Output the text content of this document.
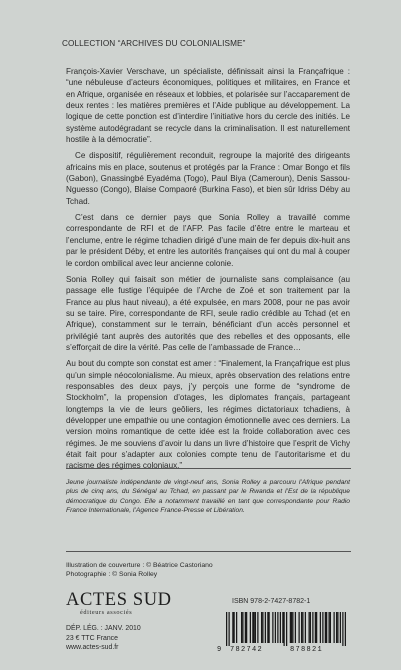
COLLECTION “ARCHIVES DU COLONIALISME”

François-Xavier Verschave, un spécialiste, définissait ainsi la Françafrique : “une nébuleuse d’acteurs économiques, politiques et militaires, en France et en Afrique, organisée en réseaux et lobbies, et polarisée sur l’accaparement de deux rentes : les matières premières et l’Aide publique au développement. La logique de cette ponction est d’interdire l’initiative hors du cercle des initiés. Le système autodégradant se recycle dans la criminalisation. Il est naturellement hostile à la démocratie”.

Ce dispositif, régulièrement reconduit, regroupe la majorité des dirigeants africains mis en place, soutenus et protégés par la France : Omar Bongo et fils (Gabon), Gnassingbé Eyadéma (Togo), Paul Biya (Cameroun), Denis Sassou-Nguesso (Congo), Blaise Compaoré (Burkina Faso), et bien sûr Idriss Déby au Tchad.

C’est dans ce dernier pays que Sonia Rolley a travaillé comme correspondante de RFI et de l’AFP. Pas facile d’être entre le marteau et l’enclume, entre le régime tchadien dirigé d’une main de fer depuis dix-huit ans par le président Déby, et entre les autorités françaises qui ont du mal à couper le cordon ombilical avec leur ancienne colonie.

Sonia Rolley qui faisait son métier de journaliste sans complaisance (au passage elle fustige l’équipée de l’Arche de Zoé et son traitement par la France au plus haut niveau), a été expulsée, en mars 2008, pour ne pas avoir su se taire. Pire, correspondante de RFI, seule radio crédible au Tchad (et en Afrique), constamment sur le terrain, bénéficiant d’un accès personnel et privilégié tant auprès des autorités que des rebelles et des opposants, elle s’efforçait de dire la vérité. Pas celle de l’ambassade de France…

Au bout du compte son constat est amer : “Finalement, la Françafrique est plus qu’un simple néocolonialisme. Au mieux, après observation des relations entre responsables des deux pays, j’y perçois une forme de “syndrome de Stockholm”, la propension d’otages, les diplomates français, partageant longtemps la vie de leurs geôliers, les régimes dictatoriaux tchadiens, à développer une empathie ou une contagion émotionnelle avec ces derniers. La version moins romantique de cette idée est la froide collaboration avec ces régimes. Je me souviens d’avoir lu dans un livre d’histoire que l’esprit de Vichy était fait pour s’adapter aux colonies compte tenu de l’autoritarisme et du racisme des régimes coloniaux.”

Jeune journaliste indépendante de vingt-neuf ans, Sonia Rolley a parcouru l’Afrique pendant plus de cinq ans, du Sénégal au Tchad, en passant par le Rwanda et l’Est de la république démocratique du Congo. Elle a notamment travaillé en tant que correspondante pour Radio France Internationale, l’Agence France-Presse et Libération.
Illustration de couverture : © Béatrice Castoriano
Photographie : © Sonia Rolley
ACTES SUD
éditeurs associés
DÉP. LÉG. : JANV. 2010
23 € TTC France
www.actes-sud.fr
ISBN 978-2-7427-8782-1
9 782742	878821
